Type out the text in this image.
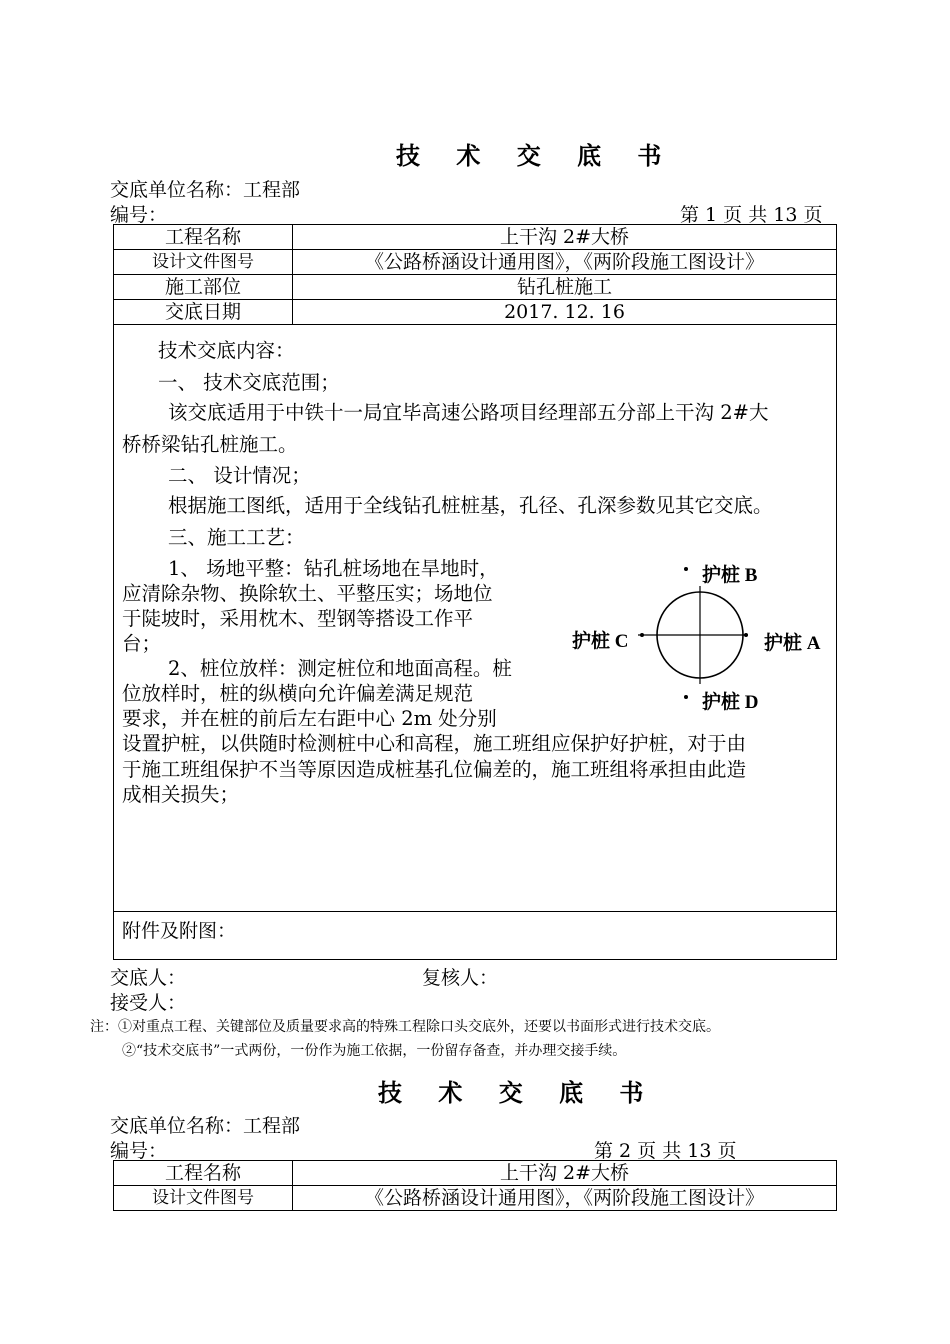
技 术 交 底 书
交底单位名称：工程部
编号：	第 1 页 共 13 页
工程名称	上干沟 2#大桥
设计文件图号	《公路桥涵设计通用图》，《两阶段施工图设计》
施工部位	钻孔桩施工
交底日期	2017. 12. 16
技术交底内容：
一、 技术交底范围；
该交底适用于中铁十一局宜毕高速公路项目经理部五分部上干沟 2#大
桥桥梁钻孔桩施工。
二、 设计情况；
根据施工图纸，适用于全线钻孔桩桩基，孔径、孔深参数见其它交底。
三、施工工艺：
1、 场地平整：钻孔桩场地在旱地时，
应清除杂物、换除软土、平整压实；场地位
于陡坡时，采用枕木、型钢等搭设工作平
台；
2、桩位放样：测定桩位和地面高程。桩
位放样时，桩的纵横向允许偏差满足规范
要求，并在桩的前后左右距中心 2m 处分别
设置护桩，以供随时检测桩中心和高程，施工班组应保护好护桩，对于由
于施工班组保护不当等原因造成桩基孔位偏差的，施工班组将承担由此造
成相关损失；
护桩 B
护桩 C	护桩 A
护桩 D
附件及附图：
交底人：	复核人：
接受人：
注：①对重点工程、关键部位及质量要求高的特殊工程除口头交底外，还要以书面形式进行技术交底。
②“技术交底书”一式两份，一份作为施工依据，一份留存备查，并办理交接手续。
技 术 交 底 书
交底单位名称：工程部
编号：	第 2 页 共 13 页
工程名称	上干沟 2#大桥
设计文件图号	《公路桥涵设计通用图》，《两阶段施工图设计》
